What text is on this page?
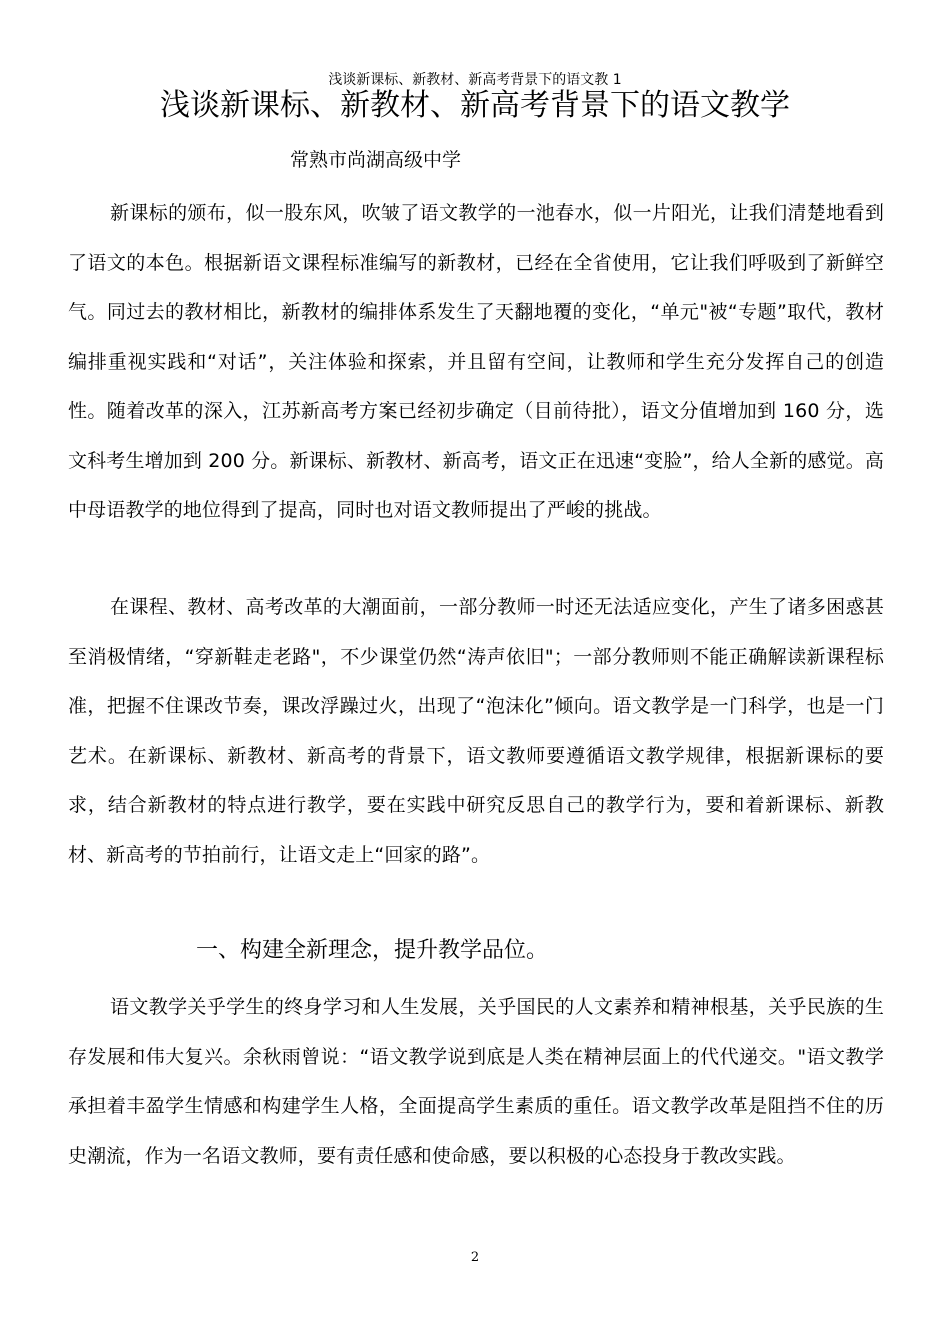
浅谈新课标、新教材、新高考背景下的语文教 1
浅谈新课标、新教材、新高考背景下的语文教学
常熟市尚湖高级中学

新课标的颁布，似一股东风，吹皱了语文教学的一池春水，似一片阳光，让我们清楚地看到了语文的本色。根据新语文课程标准编写的新教材，已经在全省使用，它让我们呼吸到了新鲜空气。同过去的教材相比，新教材的编排体系发生了天翻地覆的变化，“单元"被“专题”取代，教材编排重视实践和“对话”，关注体验和探索，并且留有空间，让教师和学生充分发挥自己的创造性。随着改革的深入，江苏新高考方案已经初步确定（目前待批），语文分值增加到 160 分，选文科考生增加到 200 分。新课标、新教材、新高考，语文正在迅速“变脸”，给人全新的感觉。高中母语教学的地位得到了提高，同时也对语文教师提出了严峻的挑战。

在课程、教材、高考改革的大潮面前，一部分教师一时还无法适应变化，产生了诸多困惑甚至消极情绪，“穿新鞋走老路"，不少课堂仍然“涛声依旧"；一部分教师则不能正确解读新课程标准，把握不住课改节奏，课改浮躁过火，出现了“泡沫化”倾向。语文教学是一门科学，也是一门艺术。在新课标、新教材、新高考的背景下，语文教师要遵循语文教学规律，根据新课标的要求，结合新教材的特点进行教学，要在实践中研究反思自己的教学行为，要和着新课标、新教材、新高考的节拍前行，让语文走上“回家的路”。

一、构建全新理念，提升教学品位。

语文教学关乎学生的终身学习和人生发展，关乎国民的人文素养和精神根基，关乎民族的生存发展和伟大复兴。余秋雨曾说：“语文教学说到底是人类在精神层面上的代代递交。"语文教学承担着丰盈学生情感和构建学生人格，全面提高学生素质的重任。语文教学改革是阻挡不住的历史潮流，作为一名语文教师，要有责任感和使命感，要以积极的心态投身于教改实践。

2
